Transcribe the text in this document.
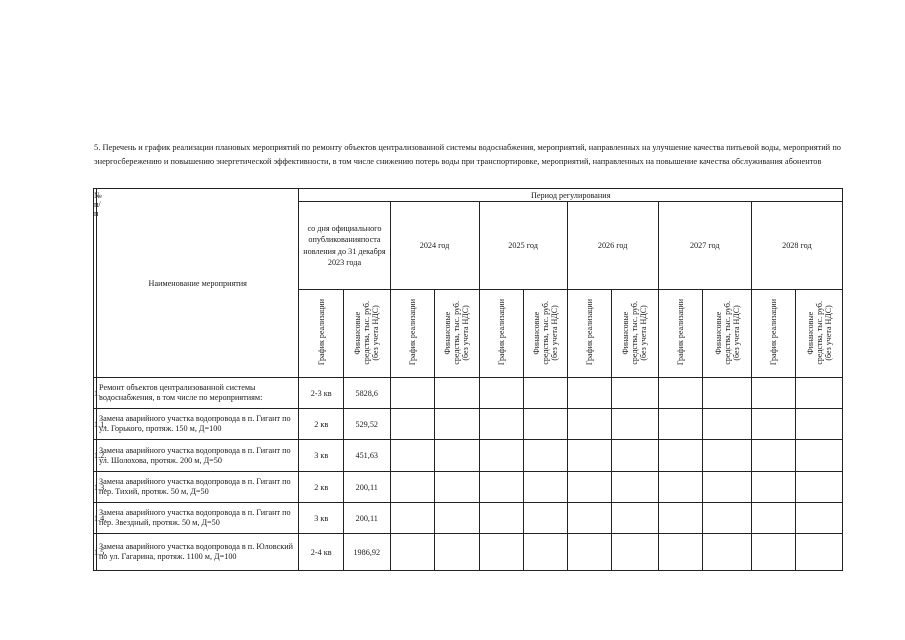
5. Перечень и график реализации плановых мероприятий по ремонту объектов централизованной системы водоснабжения, мероприятий, направленных на улучшение качества питьевой воды, мероприятий по энергосбережению и повышению энергетической эффективности, в том числе снижению потерь воды при транспортировке, мероприятий, направленных на повышение качества обслуживания абонентов
№ п/п	Наименование мероприятия	Период регулирования											
		со дня официального опубликованияпоста новления до 31 декабря 2023 года		2024 год		2025 год		2026 год		2027 год		2028 год	
		График реализации	Финансовые средства, тыс. руб. (без учета НДС)	График реализации	Финансовые средства, тыс. руб. (без учета НДС)	График реализации	Финансовые средства, тыс. руб. (без учета НДС)	График реализации	Финансовые средства, тыс. руб. (без учета НДС)	График реализации	Финансовые средства, тыс. руб. (без учета НДС)	График реализации	Финансовые средства, тыс. руб. (без учета НДС)

1.	Ремонт объектов централизованной системы водоснабжения, в том числе по мероприятиям:	2-3 кв	5828,6										
1.1.	Замена аварийного участка водопровода в п. Гигант по ул. Горького, протяж. 150 м, Д=100	2 кв	529,52										
1.2.	Замена аварийного участка водопровода в п. Гигант по ул. Шолохова, протяж. 200 м, Д=50	3 кв	451,63										
1.3.	Замена аварийного участка водопровода в п. Гигант по пер. Тихий, протяж. 50 м, Д=50	2 кв	200,11										
1.4.	Замена аварийного участка водопровода в п. Гигант по пер. Звездный, протяж. 50 м, Д=50	3 кв	200,11										
1.5.	Замена аварийного участка водопровода в п. Юловский по ул. Гагарина, протяж. 1100 м, Д=100	2-4 кв	1986,92										
